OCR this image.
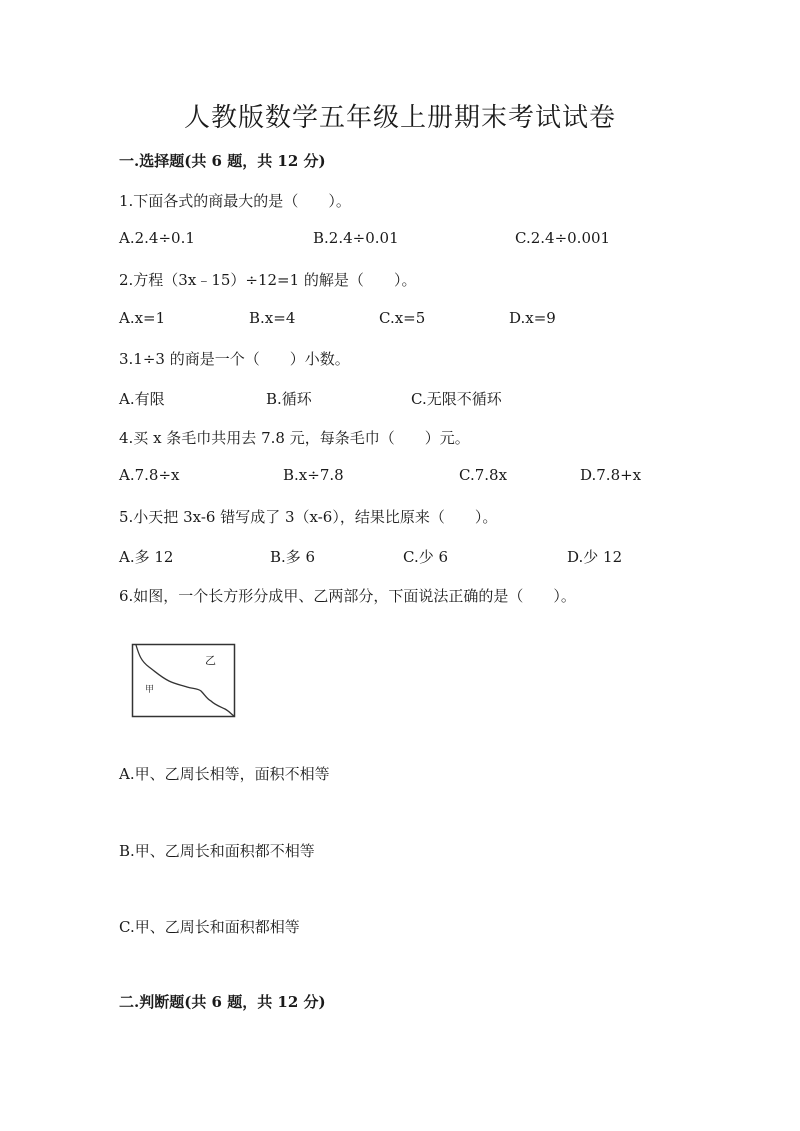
人教版数学五年级上册期末考试试卷
一.选择题(共 6 题，共 12 分)
1.下面各式的商最大的是（　　）。
A.2.4÷0.1	B.2.4÷0.01	C.2.4÷0.001
2.方程（3x﹣15）÷12=1 的解是（　　）。
A.x=1	B.x=4	C.x=5	D.x=9
3.1÷3 的商是一个（　　）小数。
A.有限	B.循环	C.无限不循环
4.买 x 条毛巾共用去 7.8 元，每条毛巾（　　）元。
A.7.8÷x	B.x÷7.8	C.7.8x	D.7.8+x
5.小天把 3x-6 错写成了 3（x-6），结果比原来（　　）。
A.多 12	B.多 6	C.少 6	D.少 12
6.如图，一个长方形分成甲、乙两部分，下面说法正确的是（　　）。
乙
甲
A.甲、乙周长相等，面积不相等
B.甲、乙周长和面积都不相等
C.甲、乙周长和面积都相等
二.判断题(共 6 题，共 12 分)
